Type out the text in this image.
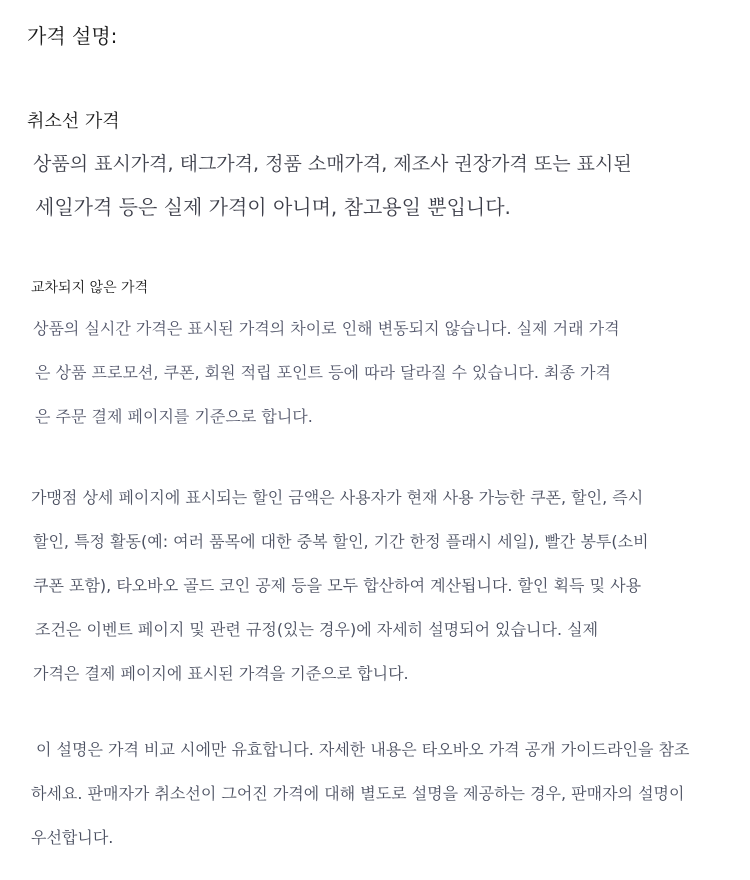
가격 설명:
취소선 가격
상품의 표시가격, 태그가격, 정품 소매가격, 제조사 권장가격 또는 표시된
세일가격 등은 실제 가격이 아니며, 참고용일 뿐입니다.
교차되지 않은 가격
상품의 실시간 가격은 표시된 가격의 차이로 인해 변동되지 않습니다. 실제 거래 가격
은 상품 프로모션, 쿠폰, 회원 적립 포인트 등에 따라 달라질 수 있습니다. 최종 가격
은 주문 결제 페이지를 기준으로 합니다.
가맹점 상세 페이지에 표시되는 할인 금액은 사용자가 현재 사용 가능한 쿠폰, 할인, 즉시
할인, 특정 활동(예: 여러 품목에 대한 중복 할인, 기간 한정 플래시 세일), 빨간 봉투(소비
쿠폰 포함), 타오바오 골드 코인 공제 등을 모두 합산하여 계산됩니다. 할인 획득 및 사용
조건은 이벤트 페이지 및 관련 규정(있는 경우)에 자세히 설명되어 있습니다. 실제
가격은 결제 페이지에 표시된 가격을 기준으로 합니다.
이 설명은 가격 비교 시에만 유효합니다. 자세한 내용은 타오바오 가격 공개 가이드라인을 참조
하세요. 판매자가 취소선이 그어진 가격에 대해 별도로 설명을 제공하는 경우, 판매자의 설명이
우선합니다.
